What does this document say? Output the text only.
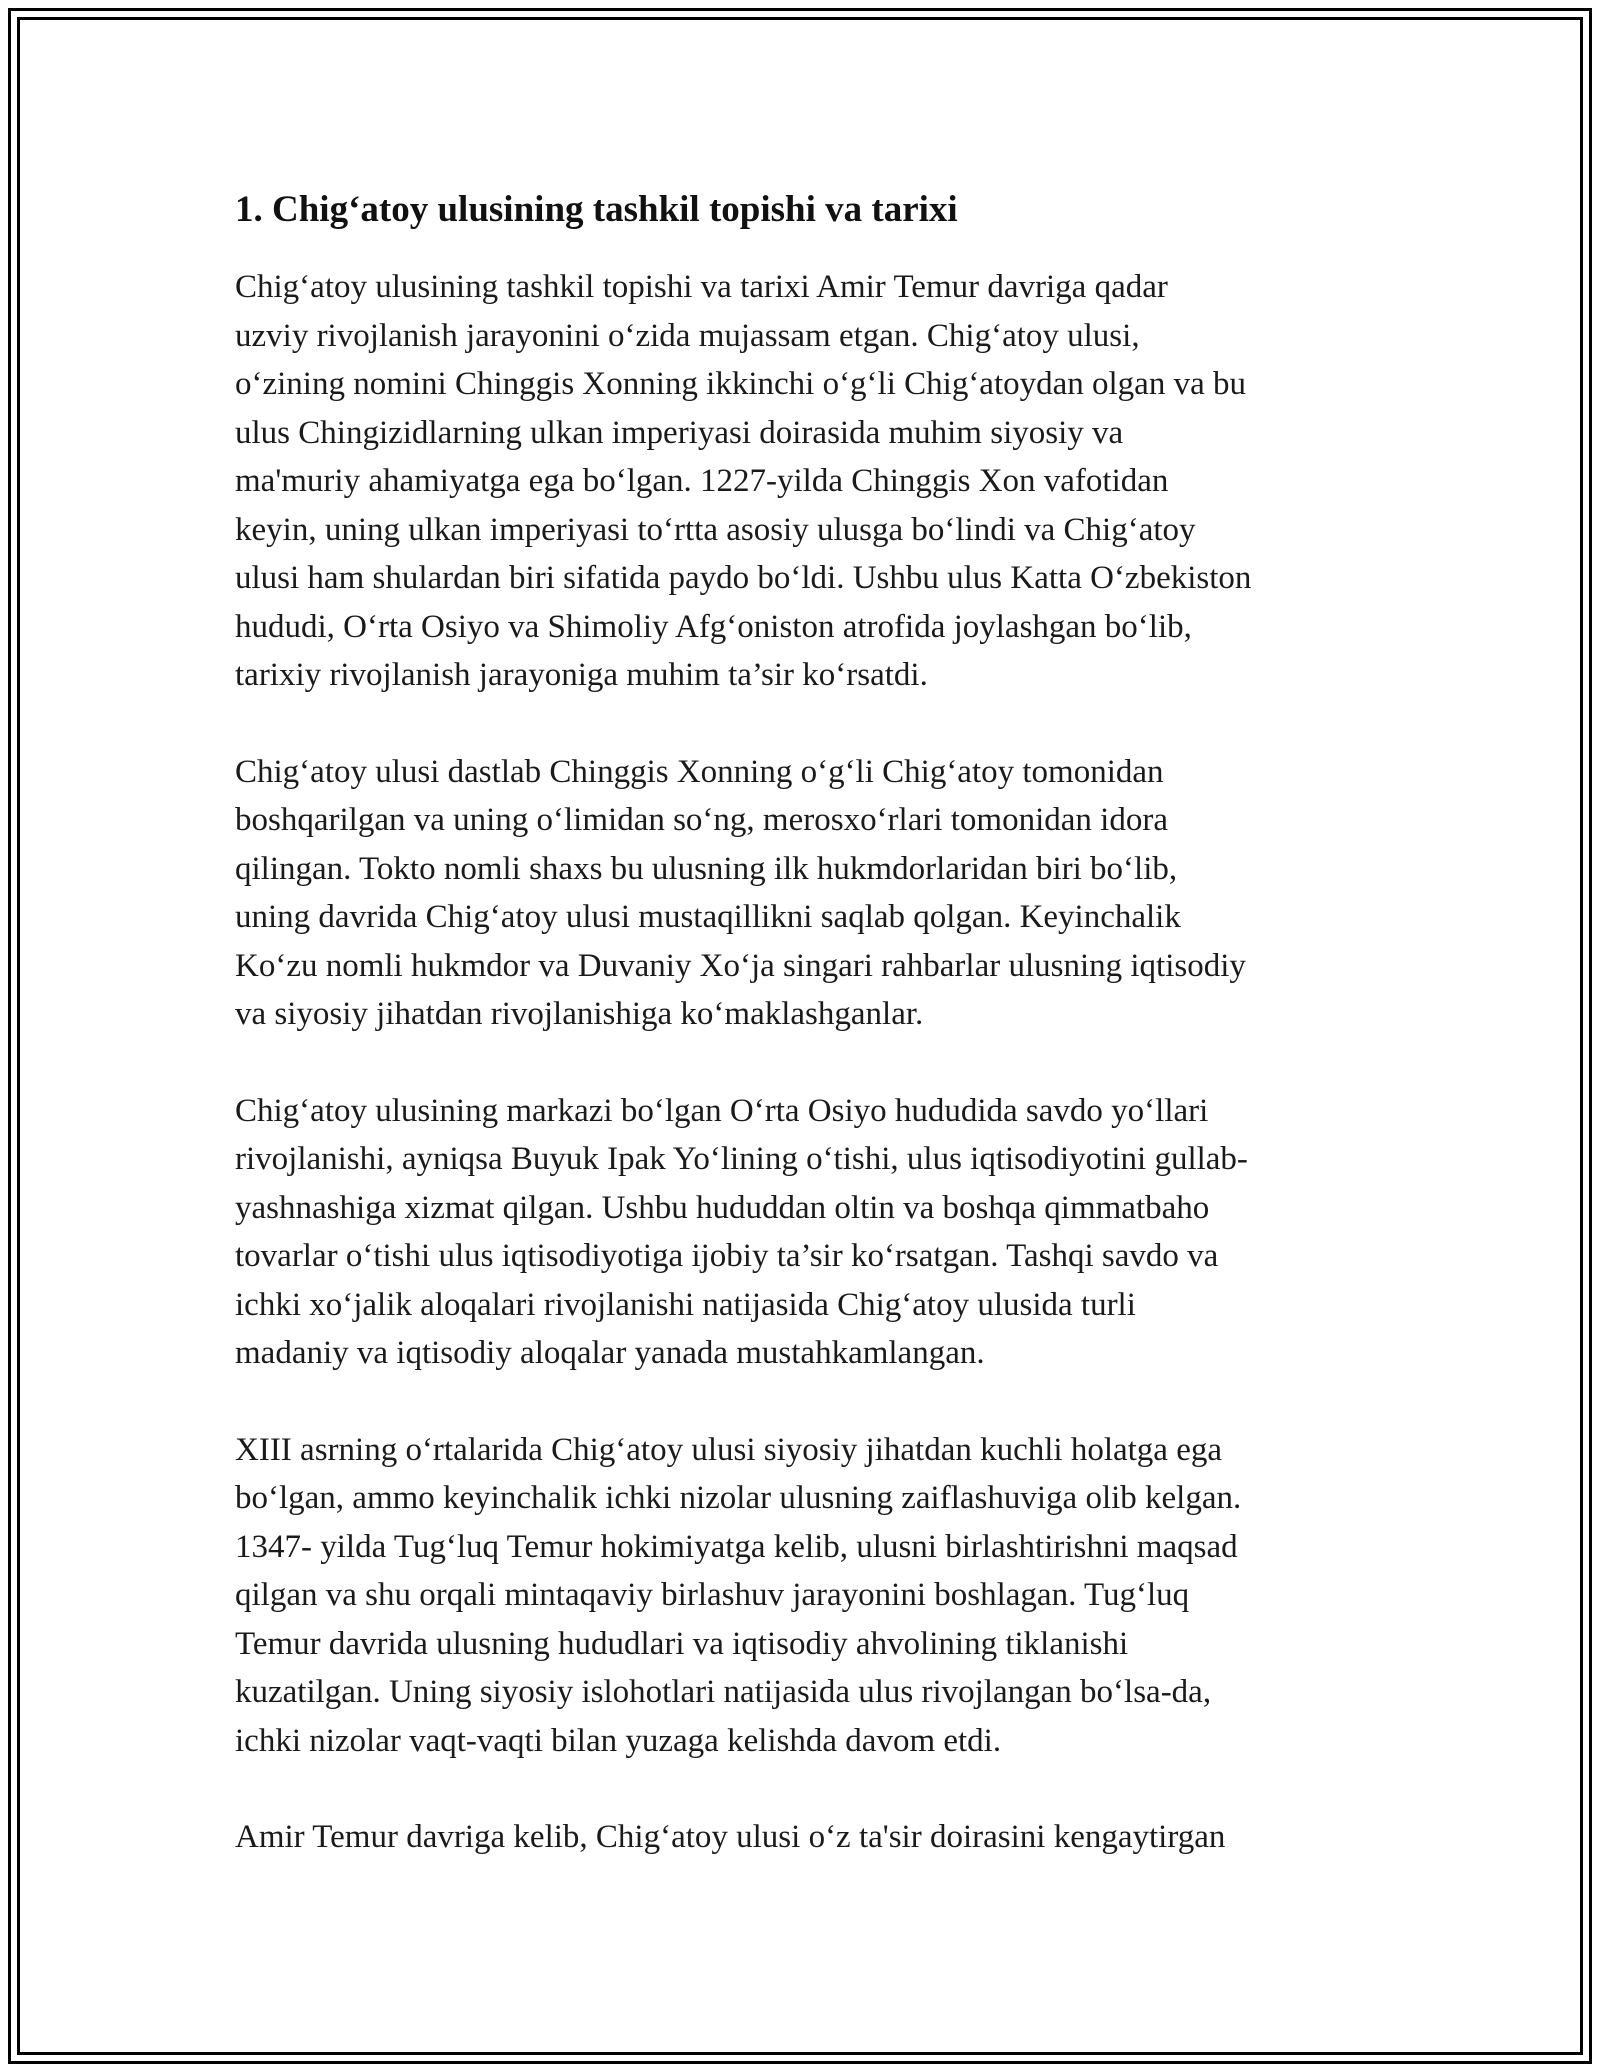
1. Chig‘atoy ulusining tashkil topishi va tarixi

Chig‘atoy ulusining tashkil topishi va tarixi Amir Temur davriga qadar
uzviy rivojlanish jarayonini o‘zida mujassam etgan. Chig‘atoy ulusi,
o‘zining nomini Chinggis Xonning ikkinchi o‘g‘li Chig‘atoydan olgan va bu
ulus Chingizidlarning ulkan imperiyasi doirasida muhim siyosiy va
ma'muriy ahamiyatga ega bo‘lgan. 1227-yilda Chinggis Xon vafotidan
keyin, uning ulkan imperiyasi to‘rtta asosiy ulusga bo‘lindi va Chig‘atoy
ulusi ham shulardan biri sifatida paydo bo‘ldi. Ushbu ulus Katta O‘zbekiston
hududi, O‘rta Osiyo va Shimoliy Afg‘oniston atrofida joylashgan bo‘lib,
tarixiy rivojlanish jarayoniga muhim ta’sir ko‘rsatdi.

Chig‘atoy ulusi dastlab Chinggis Xonning o‘g‘li Chig‘atoy tomonidan
boshqarilgan va uning o‘limidan so‘ng, merosxo‘rlari tomonidan idora
qilingan. Tokto nomli shaxs bu ulusning ilk hukmdorlaridan biri bo‘lib,
uning davrida Chig‘atoy ulusi mustaqillikni saqlab qolgan. Keyinchalik
Ko‘zu nomli hukmdor va Duvaniy Xo‘ja singari rahbarlar ulusning iqtisodiy
va siyosiy jihatdan rivojlanishiga ko‘maklashganlar.

Chig‘atoy ulusining markazi bo‘lgan O‘rta Osiyo hududida savdo yo‘llari
rivojlanishi, ayniqsa Buyuk Ipak Yo‘lining o‘tishi, ulus iqtisodiyotini gullab-
yashnashiga xizmat qilgan. Ushbu hududdan oltin va boshqa qimmatbaho
tovarlar o‘tishi ulus iqtisodiyotiga ijobiy ta’sir ko‘rsatgan. Tashqi savdo va
ichki xo‘jalik aloqalari rivojlanishi natijasida Chig‘atoy ulusida turli
madaniy va iqtisodiy aloqalar yanada mustahkamlangan.

XIII asrning o‘rtalarida Chig‘atoy ulusi siyosiy jihatdan kuchli holatga ega
bo‘lgan, ammo keyinchalik ichki nizolar ulusning zaiflashuviga olib kelgan.
1347- yilda Tug‘luq Temur hokimiyatga kelib, ulusni birlashtirishni maqsad
qilgan va shu orqali mintaqaviy birlashuv jarayonini boshlagan. Tug‘luq
Temur davrida ulusning hududlari va iqtisodiy ahvolining tiklanishi
kuzatilgan. Uning siyosiy islohotlari natijasida ulus rivojlangan bo‘lsa-da,
ichki nizolar vaqt-vaqti bilan yuzaga kelishda davom etdi.

Amir Temur davriga kelib, Chig‘atoy ulusi o‘z ta'sir doirasini kengaytirgan
